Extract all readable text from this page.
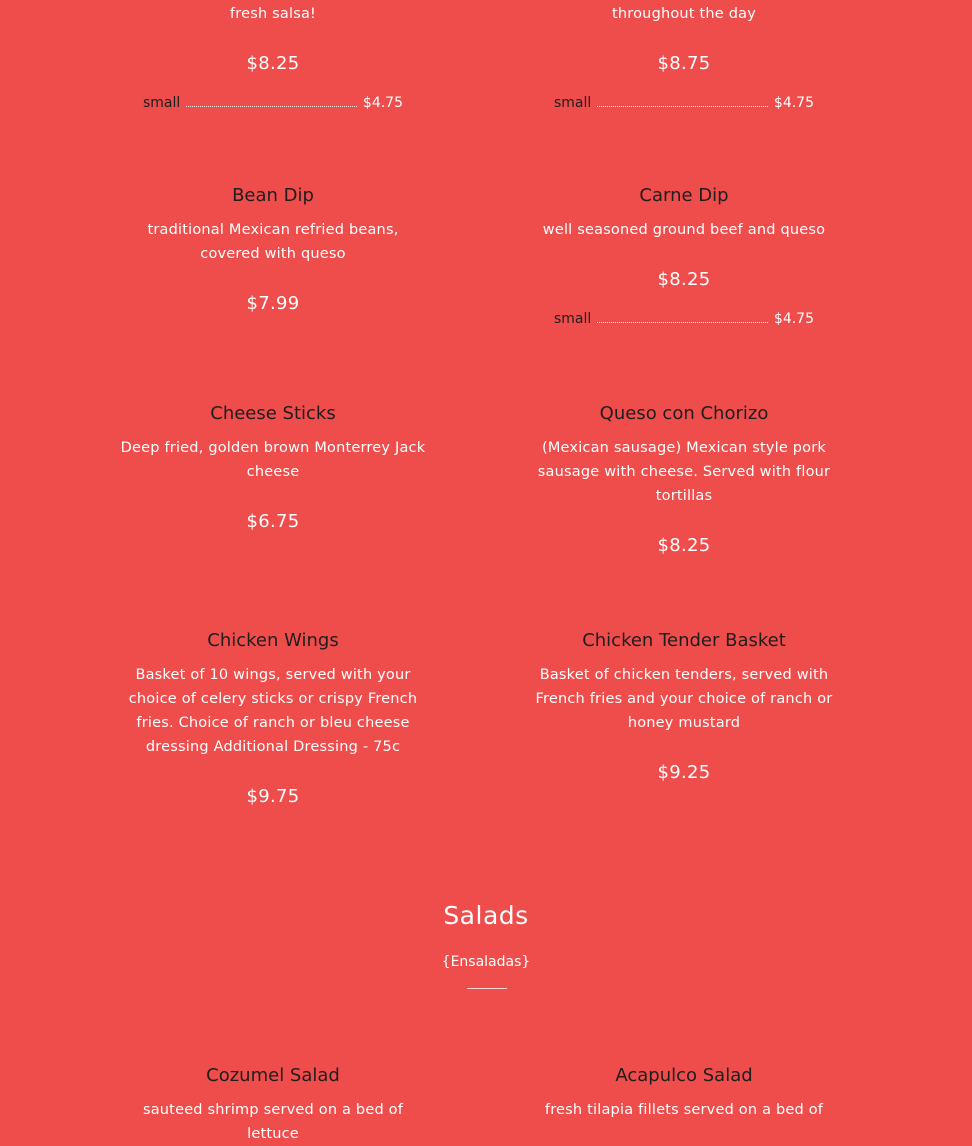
fresh salsa!
$8.25
small	$4.75
throughout the day
$8.75
small	$4.75
Bean Dip
traditional Mexican refried beans, covered with queso
$7.99
Carne Dip
well seasoned ground beef and queso
$8.25
small	$4.75
Cheese Sticks
Deep fried, golden brown Monterrey Jack cheese
$6.75
Queso con Chorizo
(Mexican sausage) Mexican style pork sausage with cheese. Served with flour tortillas
$8.25
Chicken Wings
Basket of 10 wings, served with your choice of celery sticks or crispy French fries. Choice of ranch or bleu cheese dressing Additional Dressing - 75c
$9.75
Chicken Tender Basket
Basket of chicken tenders, served with French fries and your choice of ranch or honey mustard
$9.25
Salads
{Ensaladas}
Cozumel Salad
sauteed shrimp served on a bed of lettuce
Acapulco Salad
fresh tilapia fillets served on a bed of
